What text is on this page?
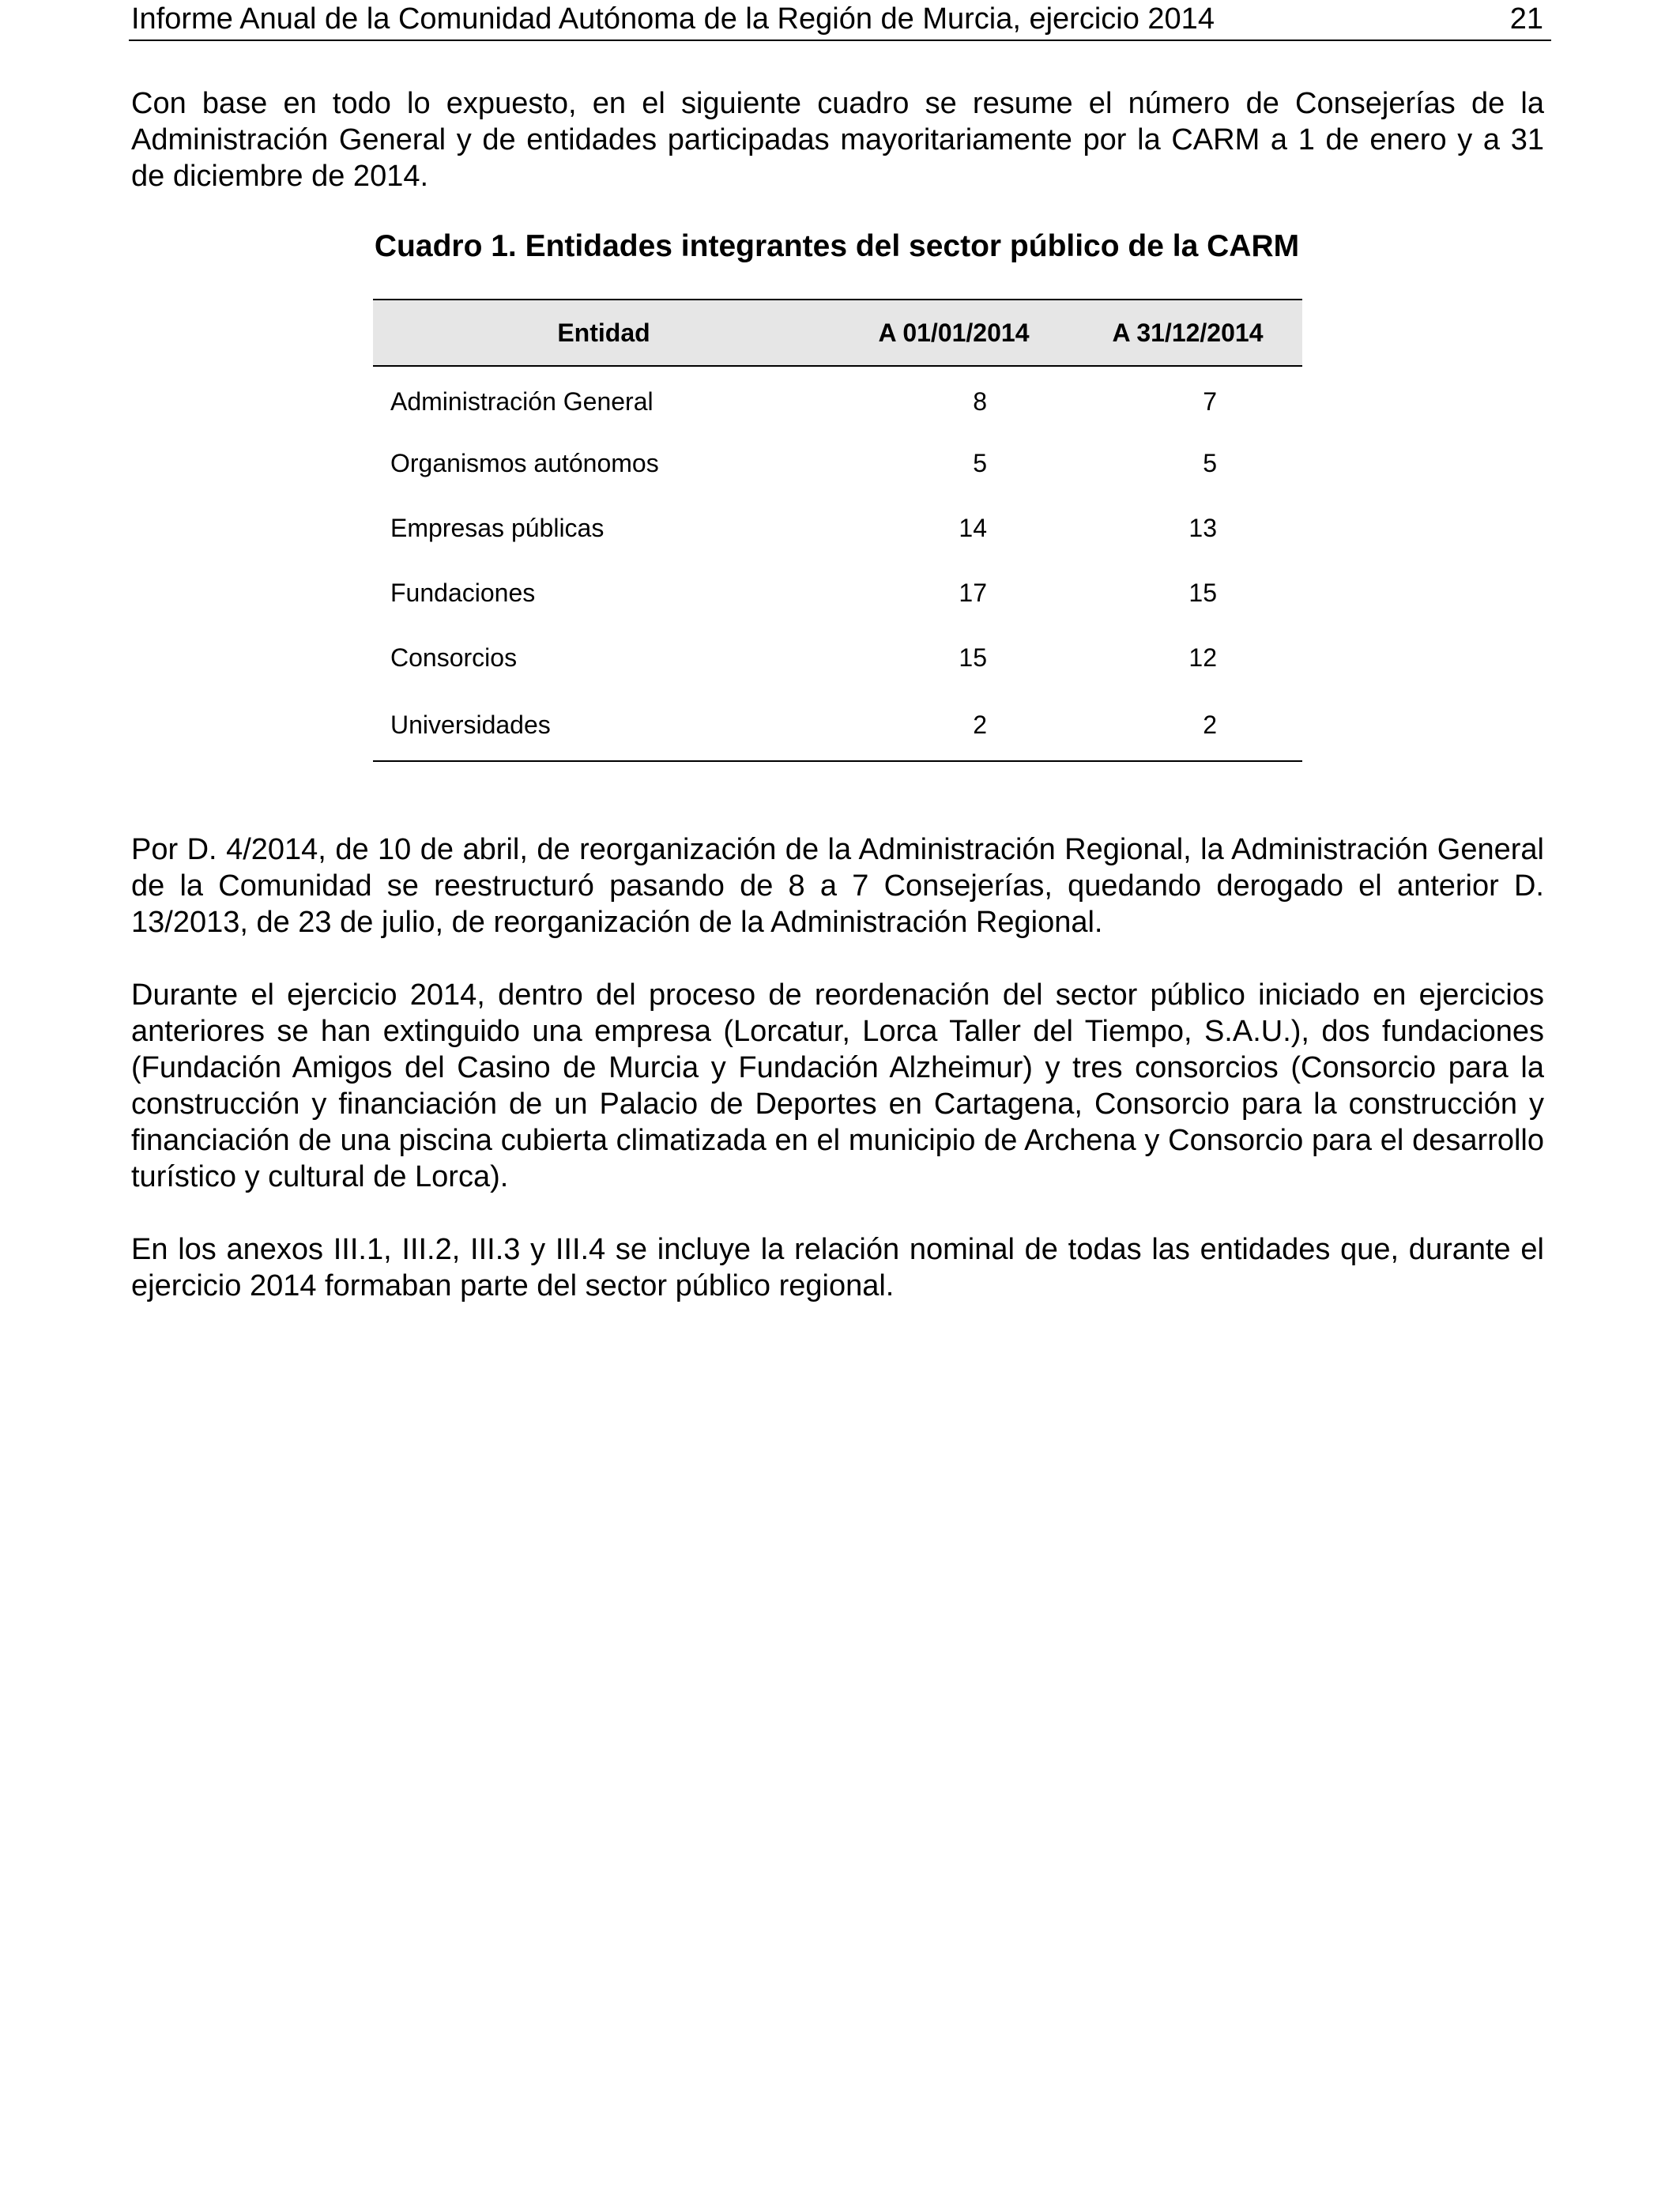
Informe Anual de la Comunidad Autónoma de la Región de Murcia, ejercicio 2014	21

Con base en todo lo expuesto, en el siguiente cuadro se resume el número de Consejerías de la Administración General y de entidades participadas mayoritariamente por la CARM a 1 de enero y a 31 de diciembre de 2014.

Cuadro 1. Entidades integrantes del sector público de la CARM
Entidad	A 01/01/2014	A 31/12/2014
Administración General	8	7
Organismos autónomos	5	5
Empresas públicas	14	13
Fundaciones	17	15
Consorcios	15	12
Universidades	2	2

Por D. 4/2014, de 10 de abril, de reorganización de la Administración Regional, la Administración General de la Comunidad se reestructuró pasando de 8 a 7 Consejerías, quedando derogado el anterior D. 13/2013, de 23 de julio, de reorganización de la Administración Regional.

Durante el ejercicio 2014, dentro del proceso de reordenación del sector público iniciado en ejercicios anteriores se han extinguido una empresa (Lorcatur, Lorca Taller del Tiempo, S.A.U.), dos fundaciones (Fundación Amigos del Casino de Murcia y Fundación Alzheimur) y tres consorcios (Consorcio para la construcción y financiación de un Palacio de Deportes en Cartagena, Consorcio para la construcción y financiación de una piscina cubierta climatizada en el municipio de Archena y Consorcio para el desarrollo turístico y cultural de Lorca).

En los anexos III.1, III.2, III.3 y III.4 se incluye la relación nominal de todas las entidades que, durante el ejercicio 2014 formaban parte del sector público regional.
